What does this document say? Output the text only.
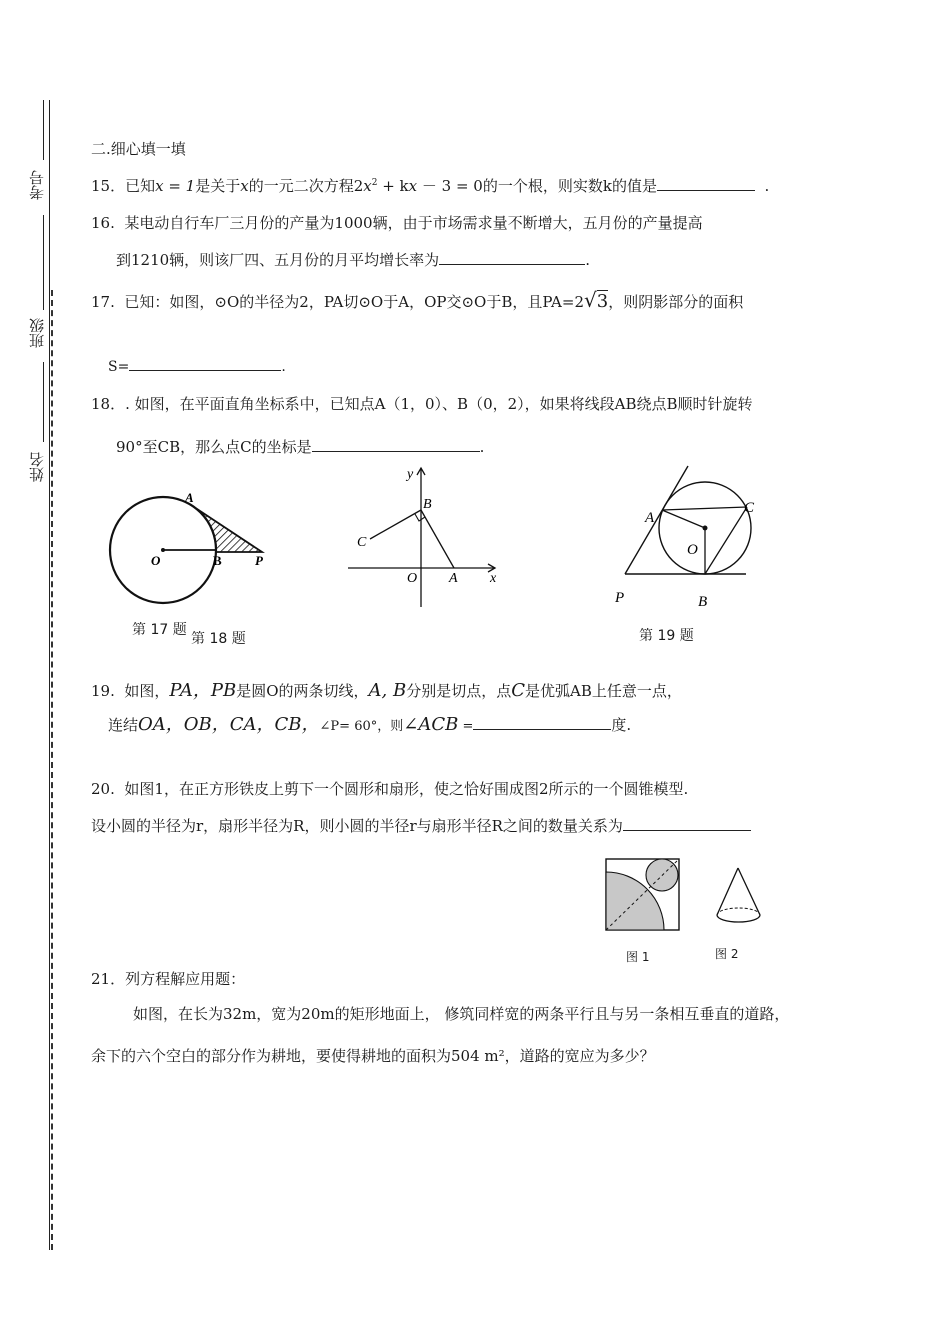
考号
班级
姓名
二.细心填一填
15．已知x = 1是关于x的一元二次方程$2x^2$ + kx － 3 = 0的一个根，则实数k的值是	.
16. 某电动自行车厂三月份的产量为1000辆，由于市场需求量不断增大，五月份的产量提高
到1210辆，则该厂四、五月份的月平均增长率为	.
17. 已知：如图，⊙O的半径为2，PA切⊙O于A，OP交⊙O于B，且PA=2√3，则阴影部分的面积
S=	.
18．. 如图，在平面直角坐标系中，已知点A（1，0）、B（0，2），如果将线段AB绕点B顺时针旋转
90°至CB，那么点C的坐标是	.
A
O	B	P
第 17 题
y
B
C
O A x
第 18 题
A
C
O
P	B
第 19 题
19. 如图，PA，PB是圆O的两条切线，A, B分别是切点，点C是优弧AB上任意一点，
连结OA，OB，CA，CB，∠P= 60°，则∠ACB =	度.
20. 如图1，在正方形铁皮上剪下一个圆形和扇形，使之恰好围成图2所示的一个圆锥模型.
设小圆的半径为r，扇形半径为R，则小圆的半径r与扇形半径R之间的数量关系为
图 1	图 2
21．列方程解应用题：
如图，在长为32m，宽为20m的矩形地面上， 修筑同样宽的两条平行且与另一条相互垂直的道路，
余下的六个空白的部分作为耕地，要使得耕地的面积为504 m²，道路的宽应为多少？
